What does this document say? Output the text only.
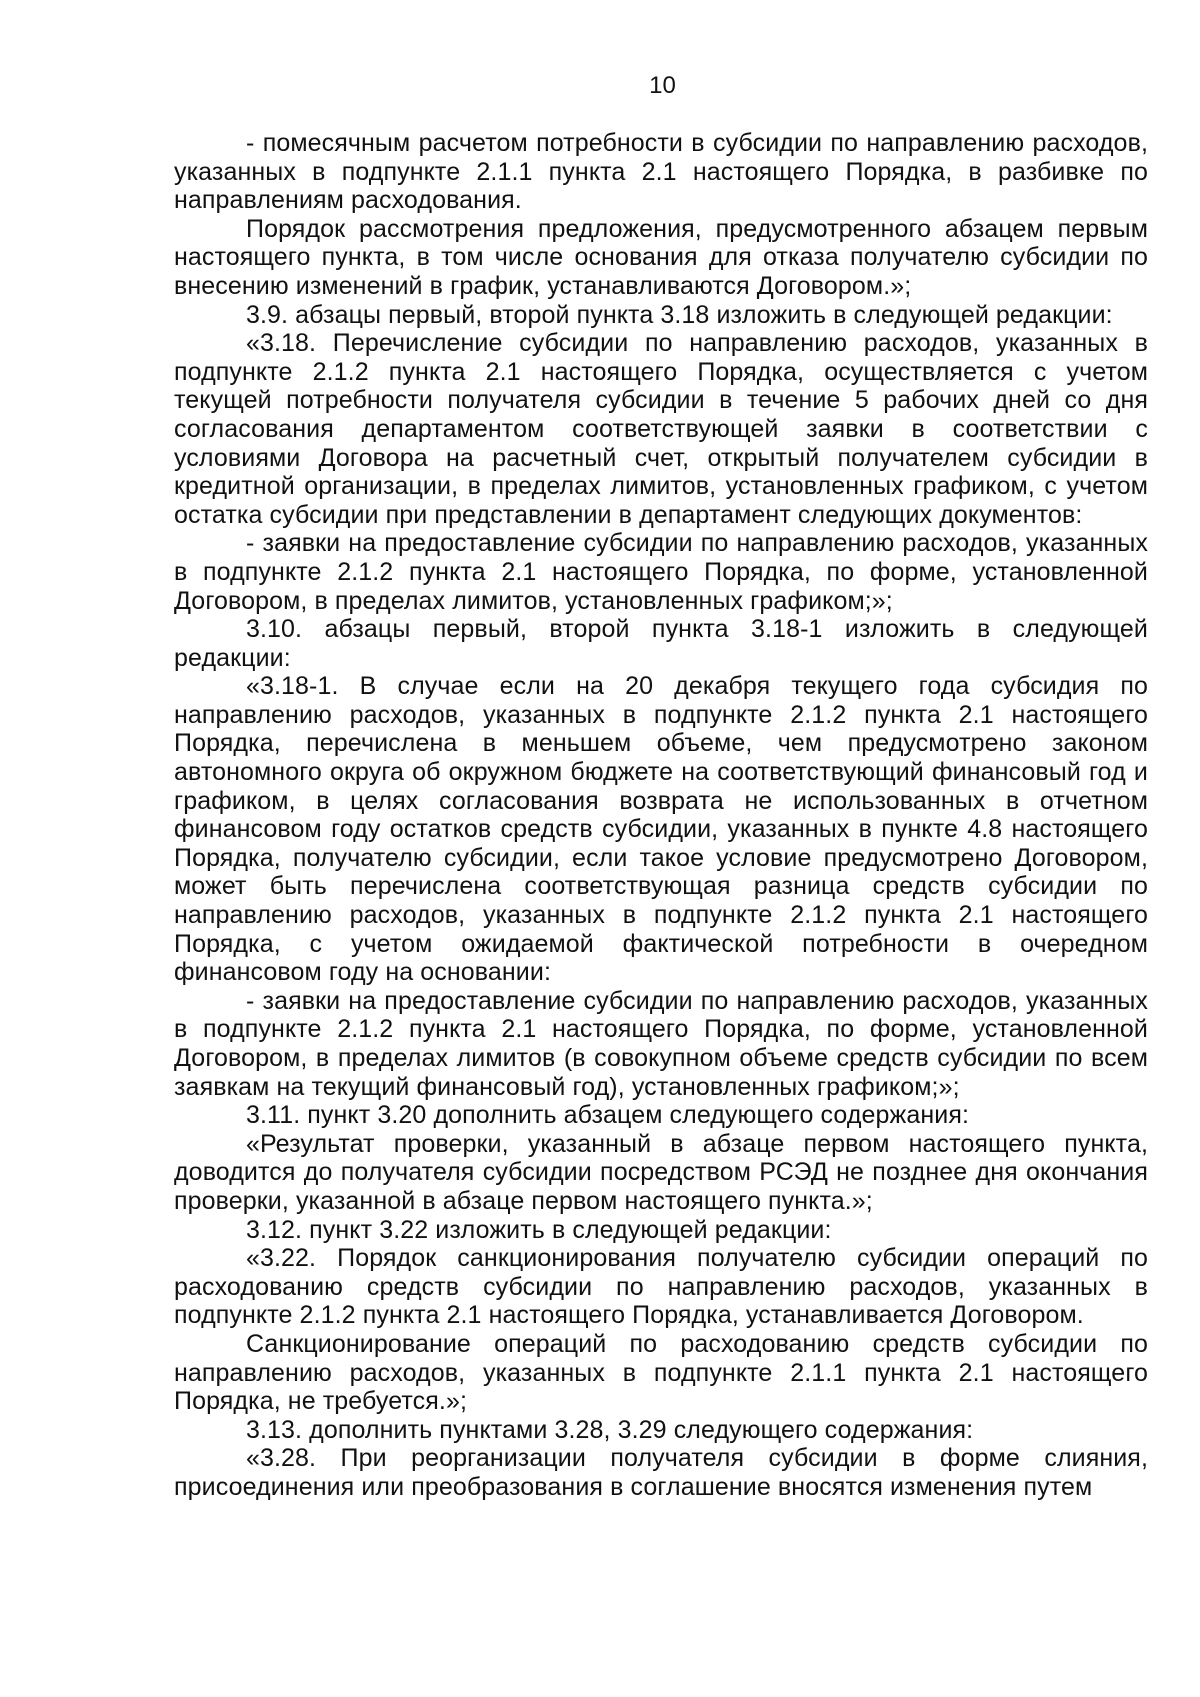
10

- помесячным расчетом потребности в субсидии по направлению расходов, указанных в подпункте 2.1.1 пункта 2.1 настоящего Порядка, в разбивке по направлениям расходования.

Порядок рассмотрения предложения, предусмотренного абзацем первым настоящего пункта, в том числе основания для отказа получателю субсидии по внесению изменений в график, устанавливаются Договором.»;

3.9. абзацы первый, второй пункта 3.18 изложить в следующей редакции:

«3.18. Перечисление субсидии по направлению расходов, указанных в подпункте 2.1.2 пункта 2.1 настоящего Порядка, осуществляется с учетом текущей потребности получателя субсидии в течение 5 рабочих дней со дня согласования департаментом соответствующей заявки в соответствии с условиями Договора на расчетный счет, открытый получателем субсидии в кредитной организации, в пределах лимитов, установленных графиком, с учетом остатка субсидии при представлении в департамент следующих документов:

- заявки на предоставление субсидии по направлению расходов, указанных в подпункте 2.1.2 пункта 2.1 настоящего Порядка, по форме, установленной Договором, в пределах лимитов, установленных графиком;»;

3.10. абзацы первый, второй пункта 3.18-1 изложить в следующей редакции:

«3.18-1. В случае если на 20 декабря текущего года субсидия по направлению расходов, указанных в подпункте 2.1.2 пункта 2.1 настоящего Порядка, перечислена в меньшем объеме, чем предусмотрено законом автономного округа об окружном бюджете на соответствующий финансовый год и графиком, в целях согласования возврата не использованных в отчетном финансовом году остатков средств субсидии, указанных в пункте 4.8 настоящего Порядка, получателю субсидии, если такое условие предусмотрено Договором, может быть перечислена соответствующая разница средств субсидии по направлению расходов, указанных в подпункте 2.1.2 пункта 2.1 настоящего Порядка, с учетом ожидаемой фактической потребности в очередном финансовом году на основании:

- заявки на предоставление субсидии по направлению расходов, указанных в подпункте 2.1.2 пункта 2.1 настоящего Порядка, по форме, установленной Договором, в пределах лимитов (в совокупном объеме средств субсидии по всем заявкам на текущий финансовый год), установленных графиком;»;

3.11. пункт 3.20 дополнить абзацем следующего содержания:

«Результат проверки, указанный в абзаце первом настоящего пункта, доводится до получателя субсидии посредством РСЭД не позднее дня окончания проверки, указанной в абзаце первом настоящего пункта.»;

3.12. пункт 3.22 изложить в следующей редакции:

«3.22. Порядок санкционирования получателю субсидии операций по расходованию средств субсидии по направлению расходов, указанных в подпункте 2.1.2 пункта 2.1 настоящего Порядка, устанавливается Договором.

Санкционирование операций по расходованию средств субсидии по направлению расходов, указанных в подпункте 2.1.1 пункта 2.1 настоящего Порядка, не требуется.»;

3.13. дополнить пунктами 3.28, 3.29 следующего содержания:

«3.28. При реорганизации получателя субсидии в форме слияния, присоединения или преобразования в соглашение вносятся изменения путем
